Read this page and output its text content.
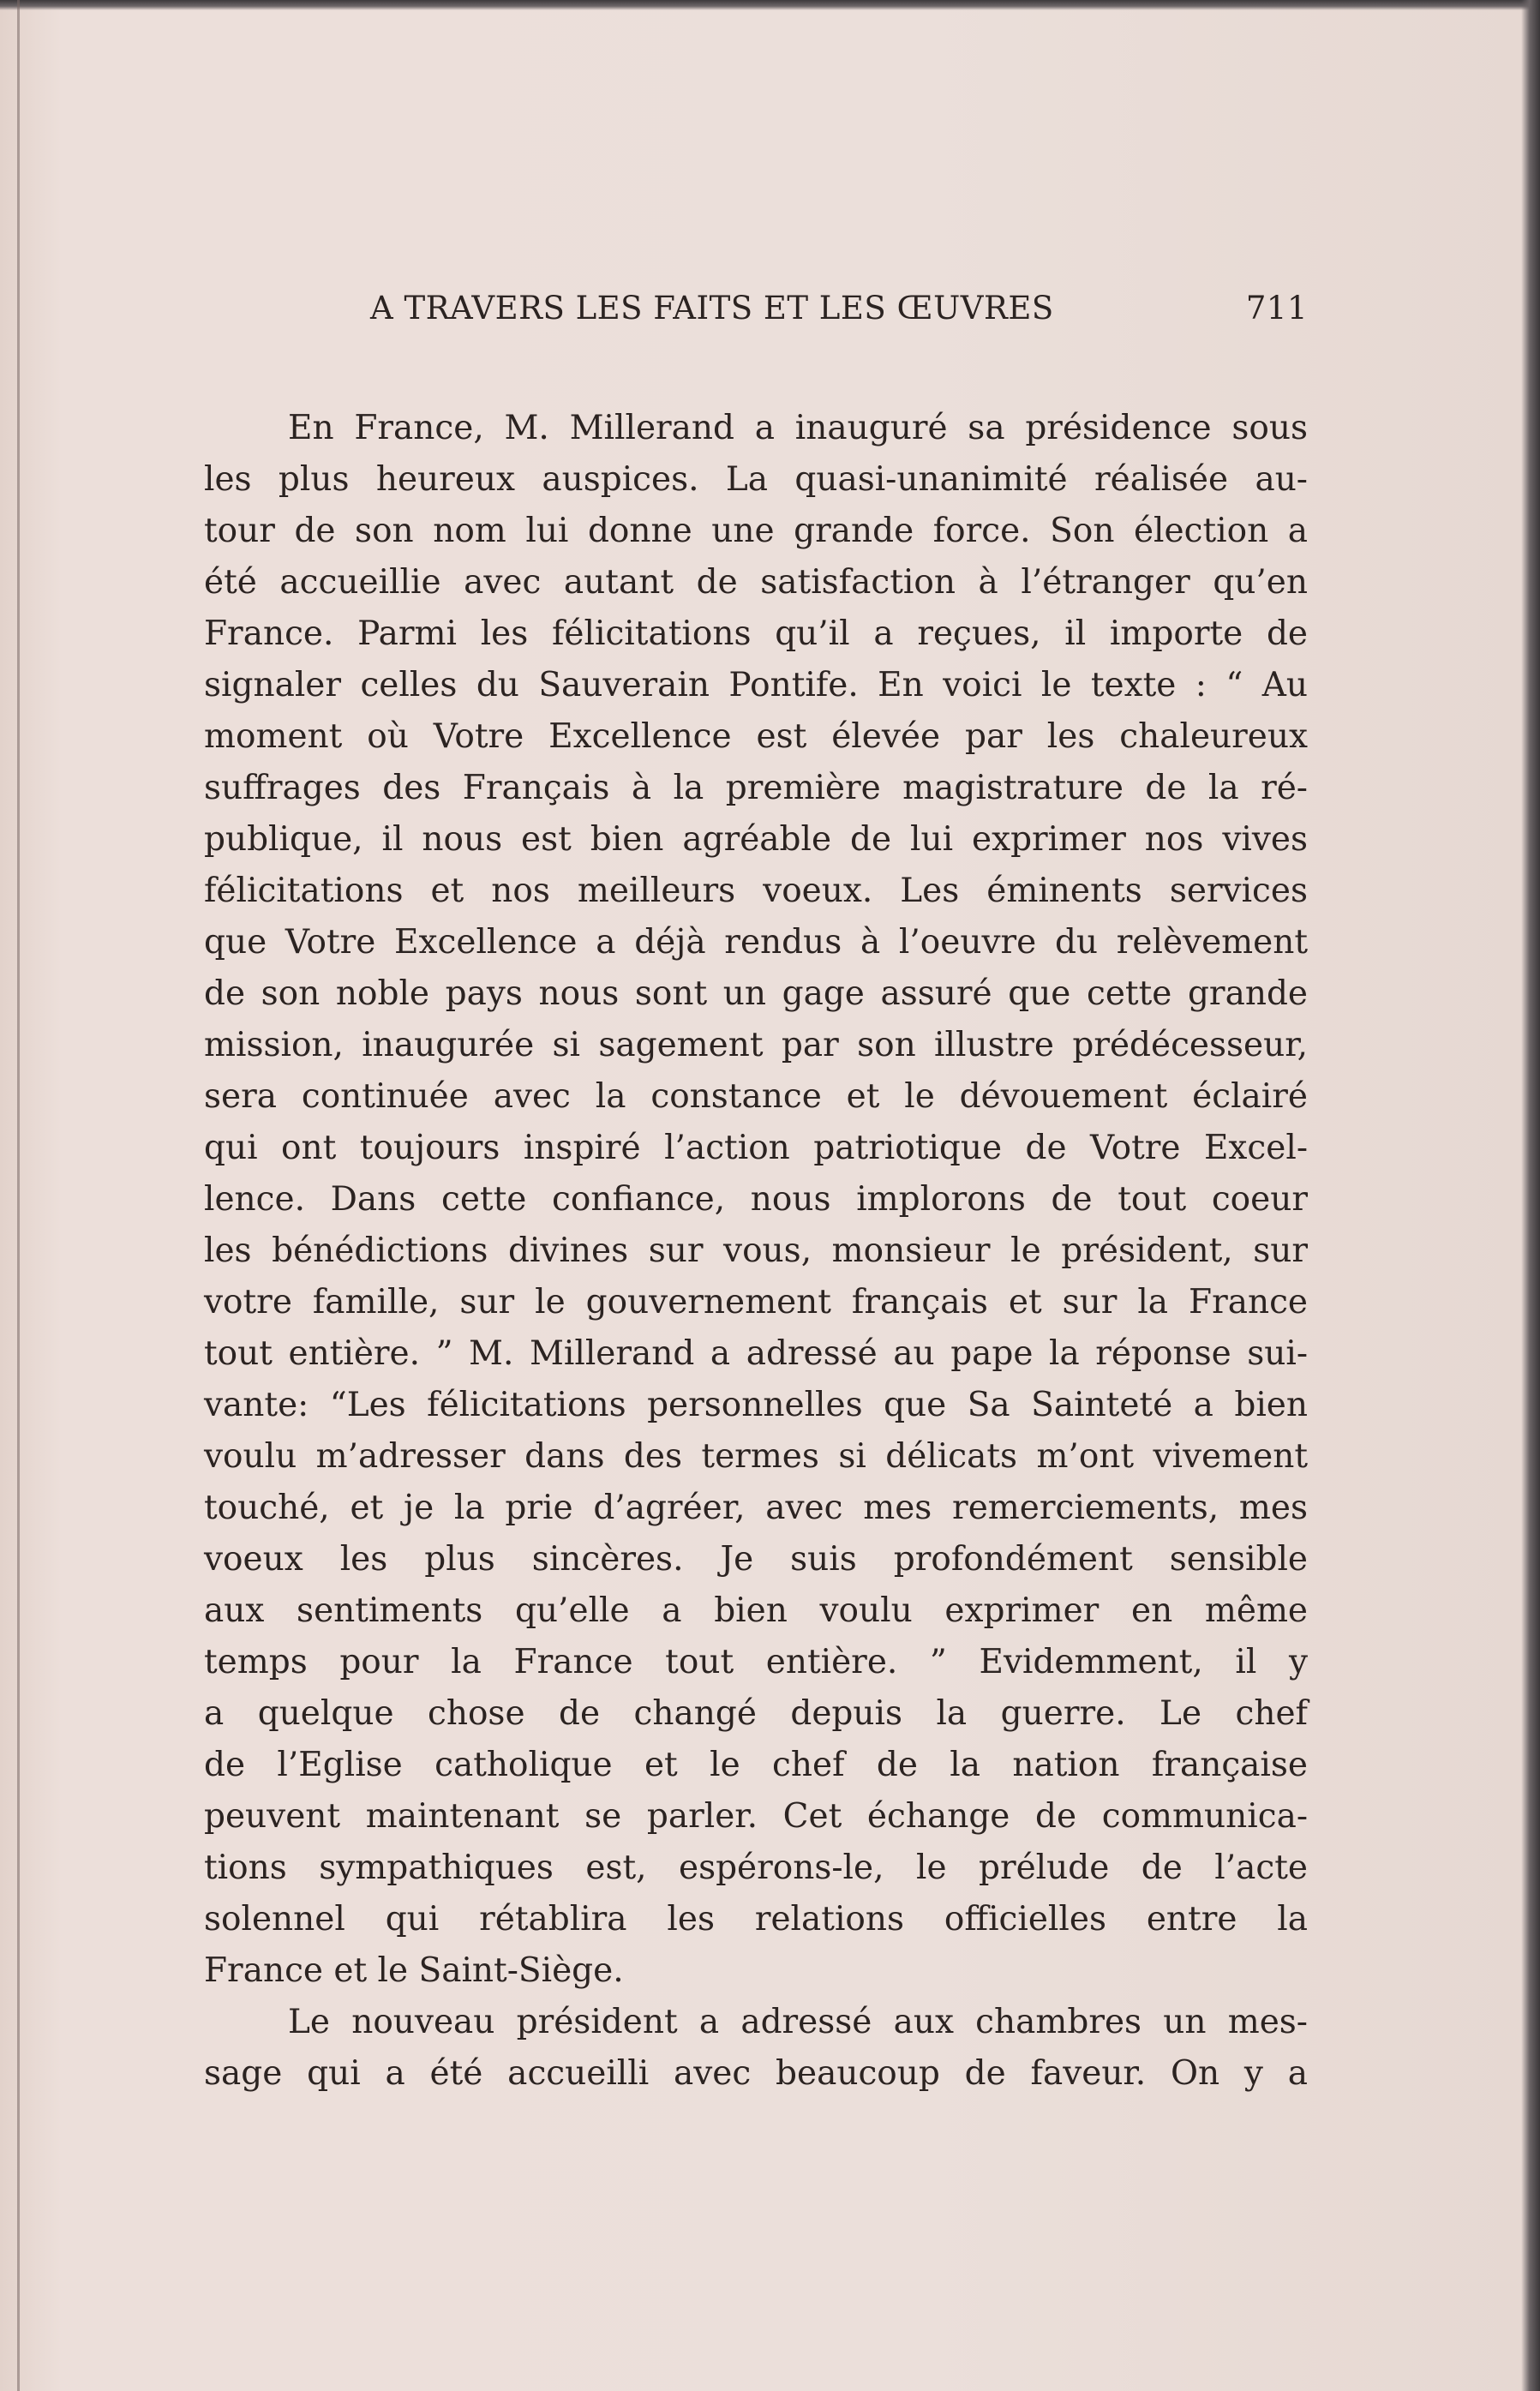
A TRAVERS LES FAITS ET LES ŒUVRES	711
En France, M. Millerand a inauguré sa présidence sous
les plus heureux auspices. La quasi-unanimité réalisée au-
tour de son nom lui donne une grande force. Son élection a
été accueillie avec autant de satisfaction à l’étranger qu’en
France. Parmi les félicitations qu’il a reçues, il importe de
signaler celles du Sauverain Pontife. En voici le texte : “ Au
moment où Votre Excellence est élevée par les chaleureux
suffrages des Français à la première magistrature de la ré-
publique, il nous est bien agréable de lui exprimer nos vives
félicitations et nos meilleurs voeux. Les éminents services
que Votre Excellence a déjà rendus à l’oeuvre du relèvement
de son noble pays nous sont un gage assuré que cette grande
mission, inaugurée si sagement par son illustre prédécesseur,
sera continuée avec la constance et le dévouement éclairé
qui ont toujours inspiré l’action patriotique de Votre Excel-
lence. Dans cette confiance, nous implorons de tout coeur
les bénédictions divines sur vous, monsieur le président, sur
votre famille, sur le gouvernement français et sur la France
tout entière. ” M. Millerand a adressé au pape la réponse sui-
vante: “Les félicitations personnelles que Sa Sainteté a bien
voulu m’adresser dans des termes si délicats m’ont vivement
touché, et je la prie d’agréer, avec mes remerciements, mes
voeux les plus sincères. Je suis profondément sensible
aux sentiments qu’elle a bien voulu exprimer en même
temps pour la France tout entière. ” Evidemment, il y
a quelque chose de changé depuis la guerre. Le chef
de l’Eglise catholique et le chef de la nation française
peuvent maintenant se parler. Cet échange de communica-
tions sympathiques est, espérons-le, le prélude de l’acte
solennel qui rétablira les relations officielles entre la
France et le Saint-Siège.
Le nouveau président a adressé aux chambres un mes-
sage qui a été accueilli avec beaucoup de faveur. On y a
